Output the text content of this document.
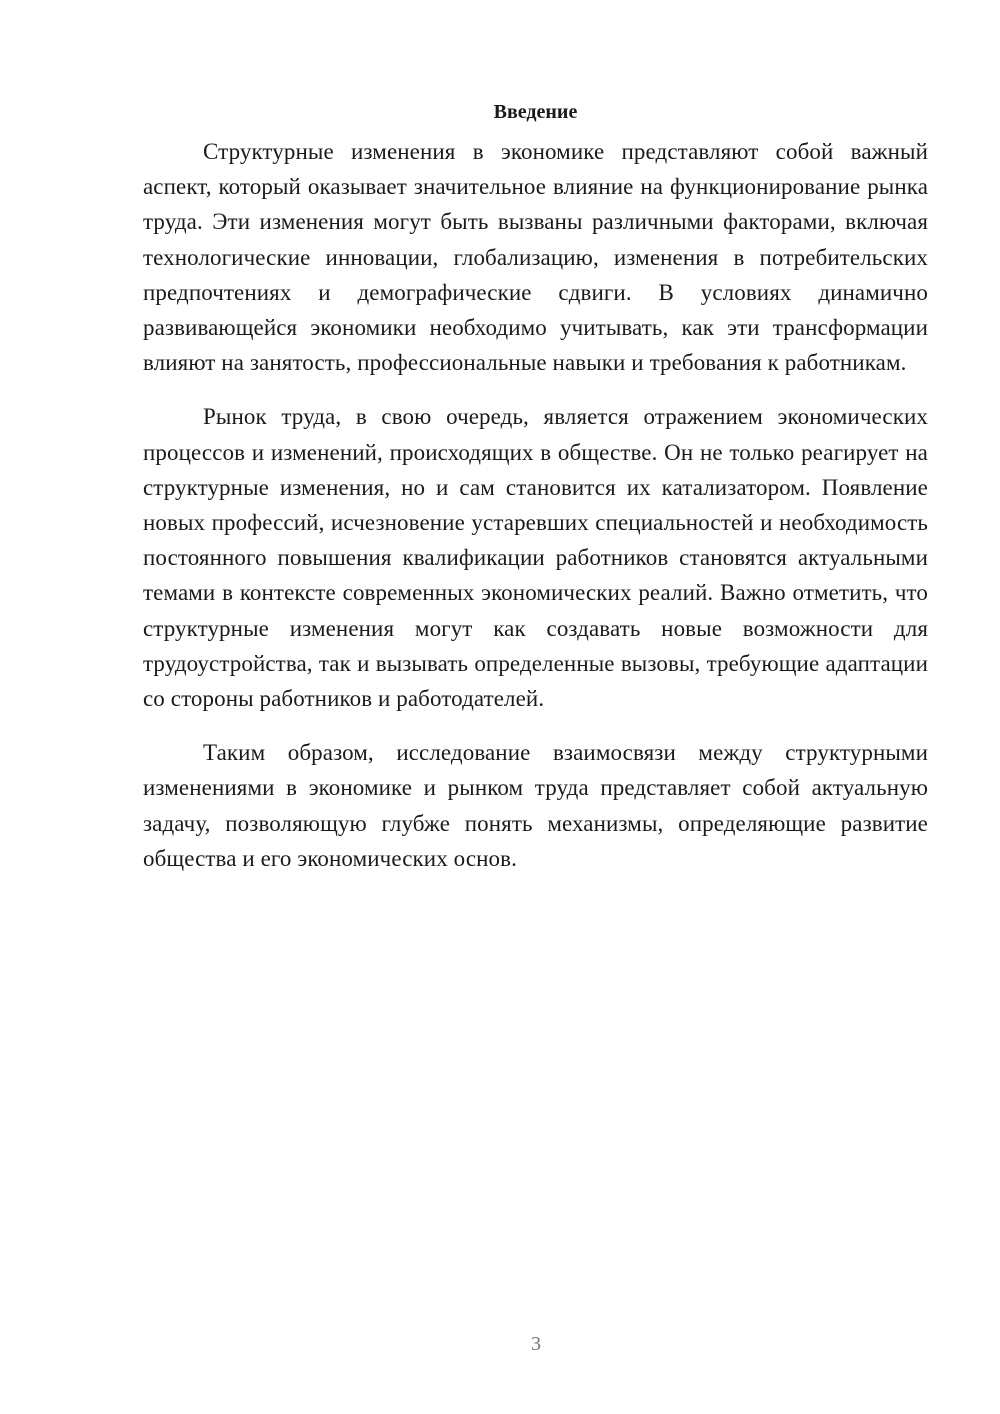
Введение

Структурные изменения в экономике представляют собой важный аспект, который оказывает значительное влияние на функционирование рынка труда. Эти изменения могут быть вызваны различными факторами, включая технологические инновации, глобализацию, изменения в потребительских предпочтениях и демографические сдвиги. В условиях динамично развивающейся экономики необходимо учитывать, как эти трансформации влияют на занятость, профессиональные навыки и требования к работникам.

Рынок труда, в свою очередь, является отражением экономических процессов и изменений, происходящих в обществе. Он не только реагирует на структурные изменения, но и сам становится их катализатором. Появление новых профессий, исчезновение устаревших специальностей и необходимость постоянного повышения квалификации работников становятся актуальными темами в контексте современных экономических реалий. Важно отметить, что структурные изменения могут как создавать новые возможности для трудоустройства, так и вызывать определенные вызовы, требующие адаптации со стороны работников и работодателей.

Таким образом, исследование взаимосвязи между структурными изменениями в экономике и рынком труда представляет собой актуальную задачу, позволяющую глубже понять механизмы, определяющие развитие общества и его экономических основ.

3
